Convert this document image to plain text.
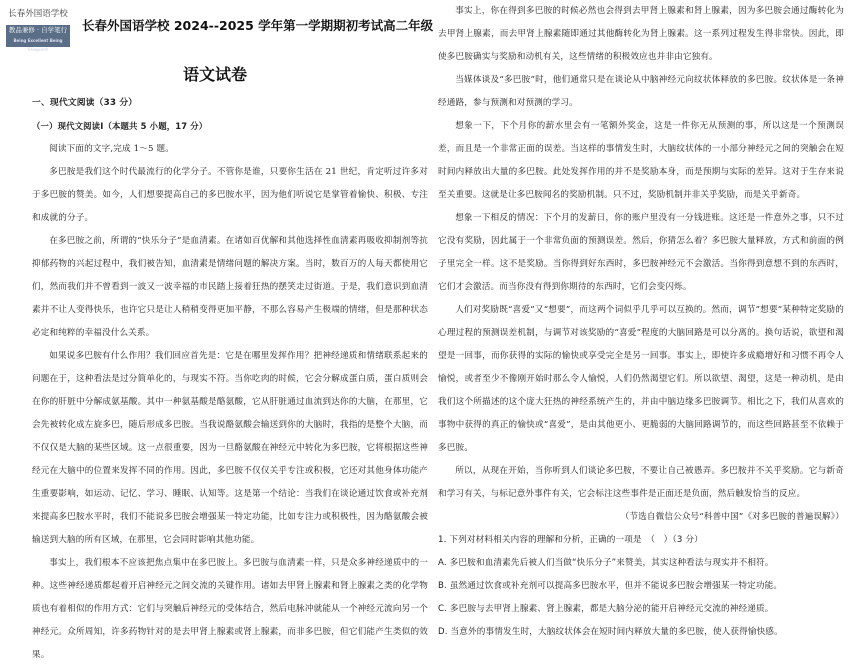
长春外国语学校
教品兼修 · 自学笔行
Being Excellent Being Eloquent
长春外国语学校 2024--2025 学年第一学期期初考试高二年级
语文试卷

一、现代文阅读（33 分）

（一）现代文阅读Ⅰ（本题共 5 小题，17 分）

阅读下面的文字,完成 1～5 题。

多巴胺是我们这个时代最流行的化学分子。不管你是谁，只要你生活在 21 世纪，肯定听过许多对于多巴胺的赞美。如今，人们想要提高自己的多巴胺水平，因为他们听说它是掌管着愉快、积极、专注和成就的分子。

在多巴胺之前，所谓的“快乐分子”是血清素。在诸如百优解和其他选择性血清素再吸收抑制剂等抗抑郁药物的兴起过程中，我们被告知，血清素是情绪问题的解决方案。当时，数百万的人每天都使用它们，然而我们并不曾看到一波又一波幸福的市民踏上接着狂热的摆笑走过街道。于是，我们意识到血清素并不让人变得快乐，也许它只是让人稍稍变得更加平静，不那么容易产生极端的情绪，但是那种状态必定和纯粹的幸福没什么关系。

如果说多巴胺有什么作用？我们回应首先是：它是在哪里发挥作用？把神经递质和情绪联系起来的问题在于，这种看法是过分简单化的，与现实不符。当你吃肉的时候，它会分解成蛋白质，蛋白质则会在你的肝脏中分解成氨基酸。其中一种氨基酸是酪氨酸，它从肝脏通过血流到达你的大脑，在那里，它会先被转化成左旋多巴，随后形成多巴胺。当我说酪氨酸会输送到你的大脑时，我指的是整个大脑，而不仅仅是大脑的某些区域。这一点很重要，因为一旦酪氨酸在神经元中转化为多巴胺，它将根据这些神经元在大脑中的位置来发挥不同的作用。因此，多巴胺不仅仅关乎专注或积极，它还对其他身体功能产生重要影响，如运动、记忆、学习、睡眠、认知等。这是第一个结论：当我们在谈论通过饮食或补充剂来提高多巴胺水平时，我们不能说多巴胺会增强某一特定功能，比如专注力或积极性，因为酪氨酸会被输送到大脑的所有区域，在那里，它会同时影响其他功能。

事实上，我们根本不应该把焦点集中在多巴胺上。多巴胺与血清素一样，只是众多神经递质中的一种。这些神经递质都起着开启神经元之间交流的关键作用。诸如去甲肾上腺素和肾上腺素之类的化学物质也有着相似的作用方式：它们与突触后神经元的受体结合，然后电脉冲就能从一个神经元流向另一个神经元。众所周知，许多药物针对的是去甲肾上腺素或肾上腺素，而非多巴胺，但它们能产生类似的效果。

事实上，你在得到多巴胺的时候必然也会得到去甲肾上腺素和肾上腺素，因为多巴胺会通过酶转化为去甲肾上腺素，而去甲肾上腺素随即通过其他酶转化为肾上腺素。这一系列过程发生得非常快。因此，即使多巴胺确实与奖励和动机有关，这些情绪的积极效应也并非由它独有。

当媒体谈及“多巴胺”时，他们通常只是在谈论从中脑神经元向纹状体释放的多巴胺。纹状体是一条神经通路，参与预测和对预测的学习。

想象一下，下个月你的薪水里会有一笔额外奖金，这是一件你无从预测的事，所以这是一个预测误差，而且是一个非常正面的误差。当这样的事情发生时，大脑纹状体的一小部分神经元之间的突触会在短时间内释放出大量的多巴胺。此处发挥作用的并不是奖励本身，而是预期与实际的差异。这对于生存来说至关重要。这就是让多巴胺闻名的奖励机制。只不过，奖励机制并非关乎奖励，而是关乎新奇。

想象一下相反的情况：下个月的发薪日，你的账户里没有一分钱进账。这还是一件意外之事，只不过它没有奖励，因此属于一个非常负面的预测误差。然后，你猜怎么着？多巴胺大量释放，方式和前面的例子里完全一样。这不是奖励。当你得到好东西时，多巴胺神经元不会激活。当你得到意想不到的东西时，它们才会激活。而当你没有得到你期待的东西时，它们会变闪烁。

人们对奖励既“喜爱”又“想要”，而这两个词似乎几乎可以互换的。然而，调节“想要”某种特定奖励的心理过程的预测误差机制，与调节对该奖励的“喜爱”程度的大脑回路是可以分离的。换句话说，欲望和渴望是一回事，而你获得的实际的愉快或享受完全是另一回事。事实上，即使许多成瘾增好和习惯不再令人愉悦，或者至少不像刚开始时那么令人愉悦，人们仍然渴望它们。所以欲望、渴望，这是一种动机，是由我们这个所描述的这个庞大狂热的神经系统产生的，并由中脑边缘多巴胺调节。相比之下，我们从喜欢的事物中获得的真正的愉快或“喜爱”，是由其他更小、更脆弱的大脑回路调节的，而这些回路甚至不依赖于多巴胺。

所以，从现在开始，当你听到人们谈论多巴胺，不要让自己被愚弄。多巴胺并不关乎奖励。它与新奇和学习有关，与标记意外事件有关，它会标注这些事件是正面还是负面，然后触发恰当的反应。

（节选自微信公众号“科普中国”《对多巴胺的普遍误解》）

1. 下列对材料相关内容的理解和分析，正确的一项是　（　）（3 分）

A. 多巴胺和血清素先后被人们当做“快乐分子”来赞美，其实这种看法与现实并不相符。

B. 虽然通过饮食或补充剂可以提高多巴胺水平，但并不能说多巴胺会增强某一特定功能。

C. 多巴胺与去甲肾上腺素、肾上腺素，都是大脑分泌的能开启神经元交流的神经递质。

D. 当意外的事情发生时，大脑纹状体会在短时间内释放大量的多巴胺，使人获得愉快感。
